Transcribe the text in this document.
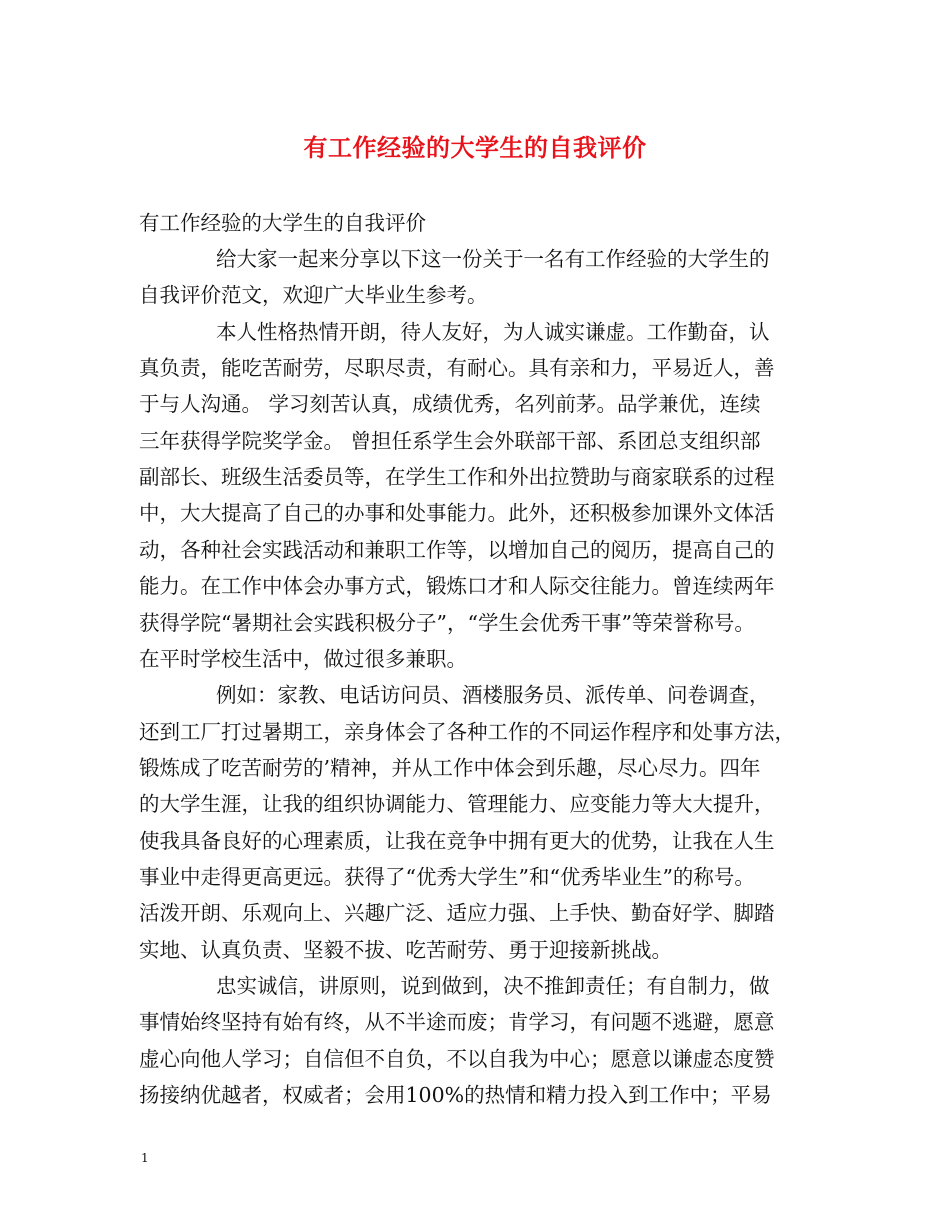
有工作经验的大学生的自我评价
有工作经验的大学生的自我评价
给大家一起来分享以下这一份关于一名有工作经验的大学生的
自我评价范文，欢迎广大毕业生参考。
本人性格热情开朗，待人友好，为人诚实谦虚。工作勤奋，认
真负责，能吃苦耐劳，尽职尽责，有耐心。具有亲和力，平易近人，善
于与人沟通。 学习刻苦认真，成绩优秀，名列前茅。品学兼优，连续
三年获得学院奖学金。 曾担任系学生会外联部干部、系团总支组织部
副部长、班级生活委员等，在学生工作和外出拉赞助与商家联系的过程
中，大大提高了自己的办事和处事能力。此外，还积极参加课外文体活
动，各种社会实践活动和兼职工作等，以增加自己的阅历，提高自己的
能力。在工作中体会办事方式，锻炼口才和人际交往能力。曾连续两年
获得学院“暑期社会实践积极分子”，“学生会优秀干事”等荣誉称号。
在平时学校生活中，做过很多兼职。
例如：家教、电话访问员、酒楼服务员、派传单、问卷调查，
还到工厂打过暑期工，亲身体会了各种工作的不同运作程序和处事方法，
锻炼成了吃苦耐劳的’精神，并从工作中体会到乐趣，尽心尽力。四年
的大学生涯，让我的组织协调能力、管理能力、应变能力等大大提升，
使我具备良好的心理素质，让我在竞争中拥有更大的优势，让我在人生
事业中走得更高更远。获得了“优秀大学生”和“优秀毕业生”的称号。
活泼开朗、乐观向上、兴趣广泛、适应力强、上手快、勤奋好学、脚踏
实地、认真负责、坚毅不拔、吃苦耐劳、勇于迎接新挑战。
忠实诚信，讲原则，说到做到，决不推卸责任；有自制力，做
事情始终坚持有始有终，从不半途而废；肯学习，有问题不逃避，愿意
虚心向他人学习；自信但不自负，不以自我为中心；愿意以谦虚态度赞
扬接纳优越者，权威者；会用100%的热情和精力投入到工作中；平易
1
